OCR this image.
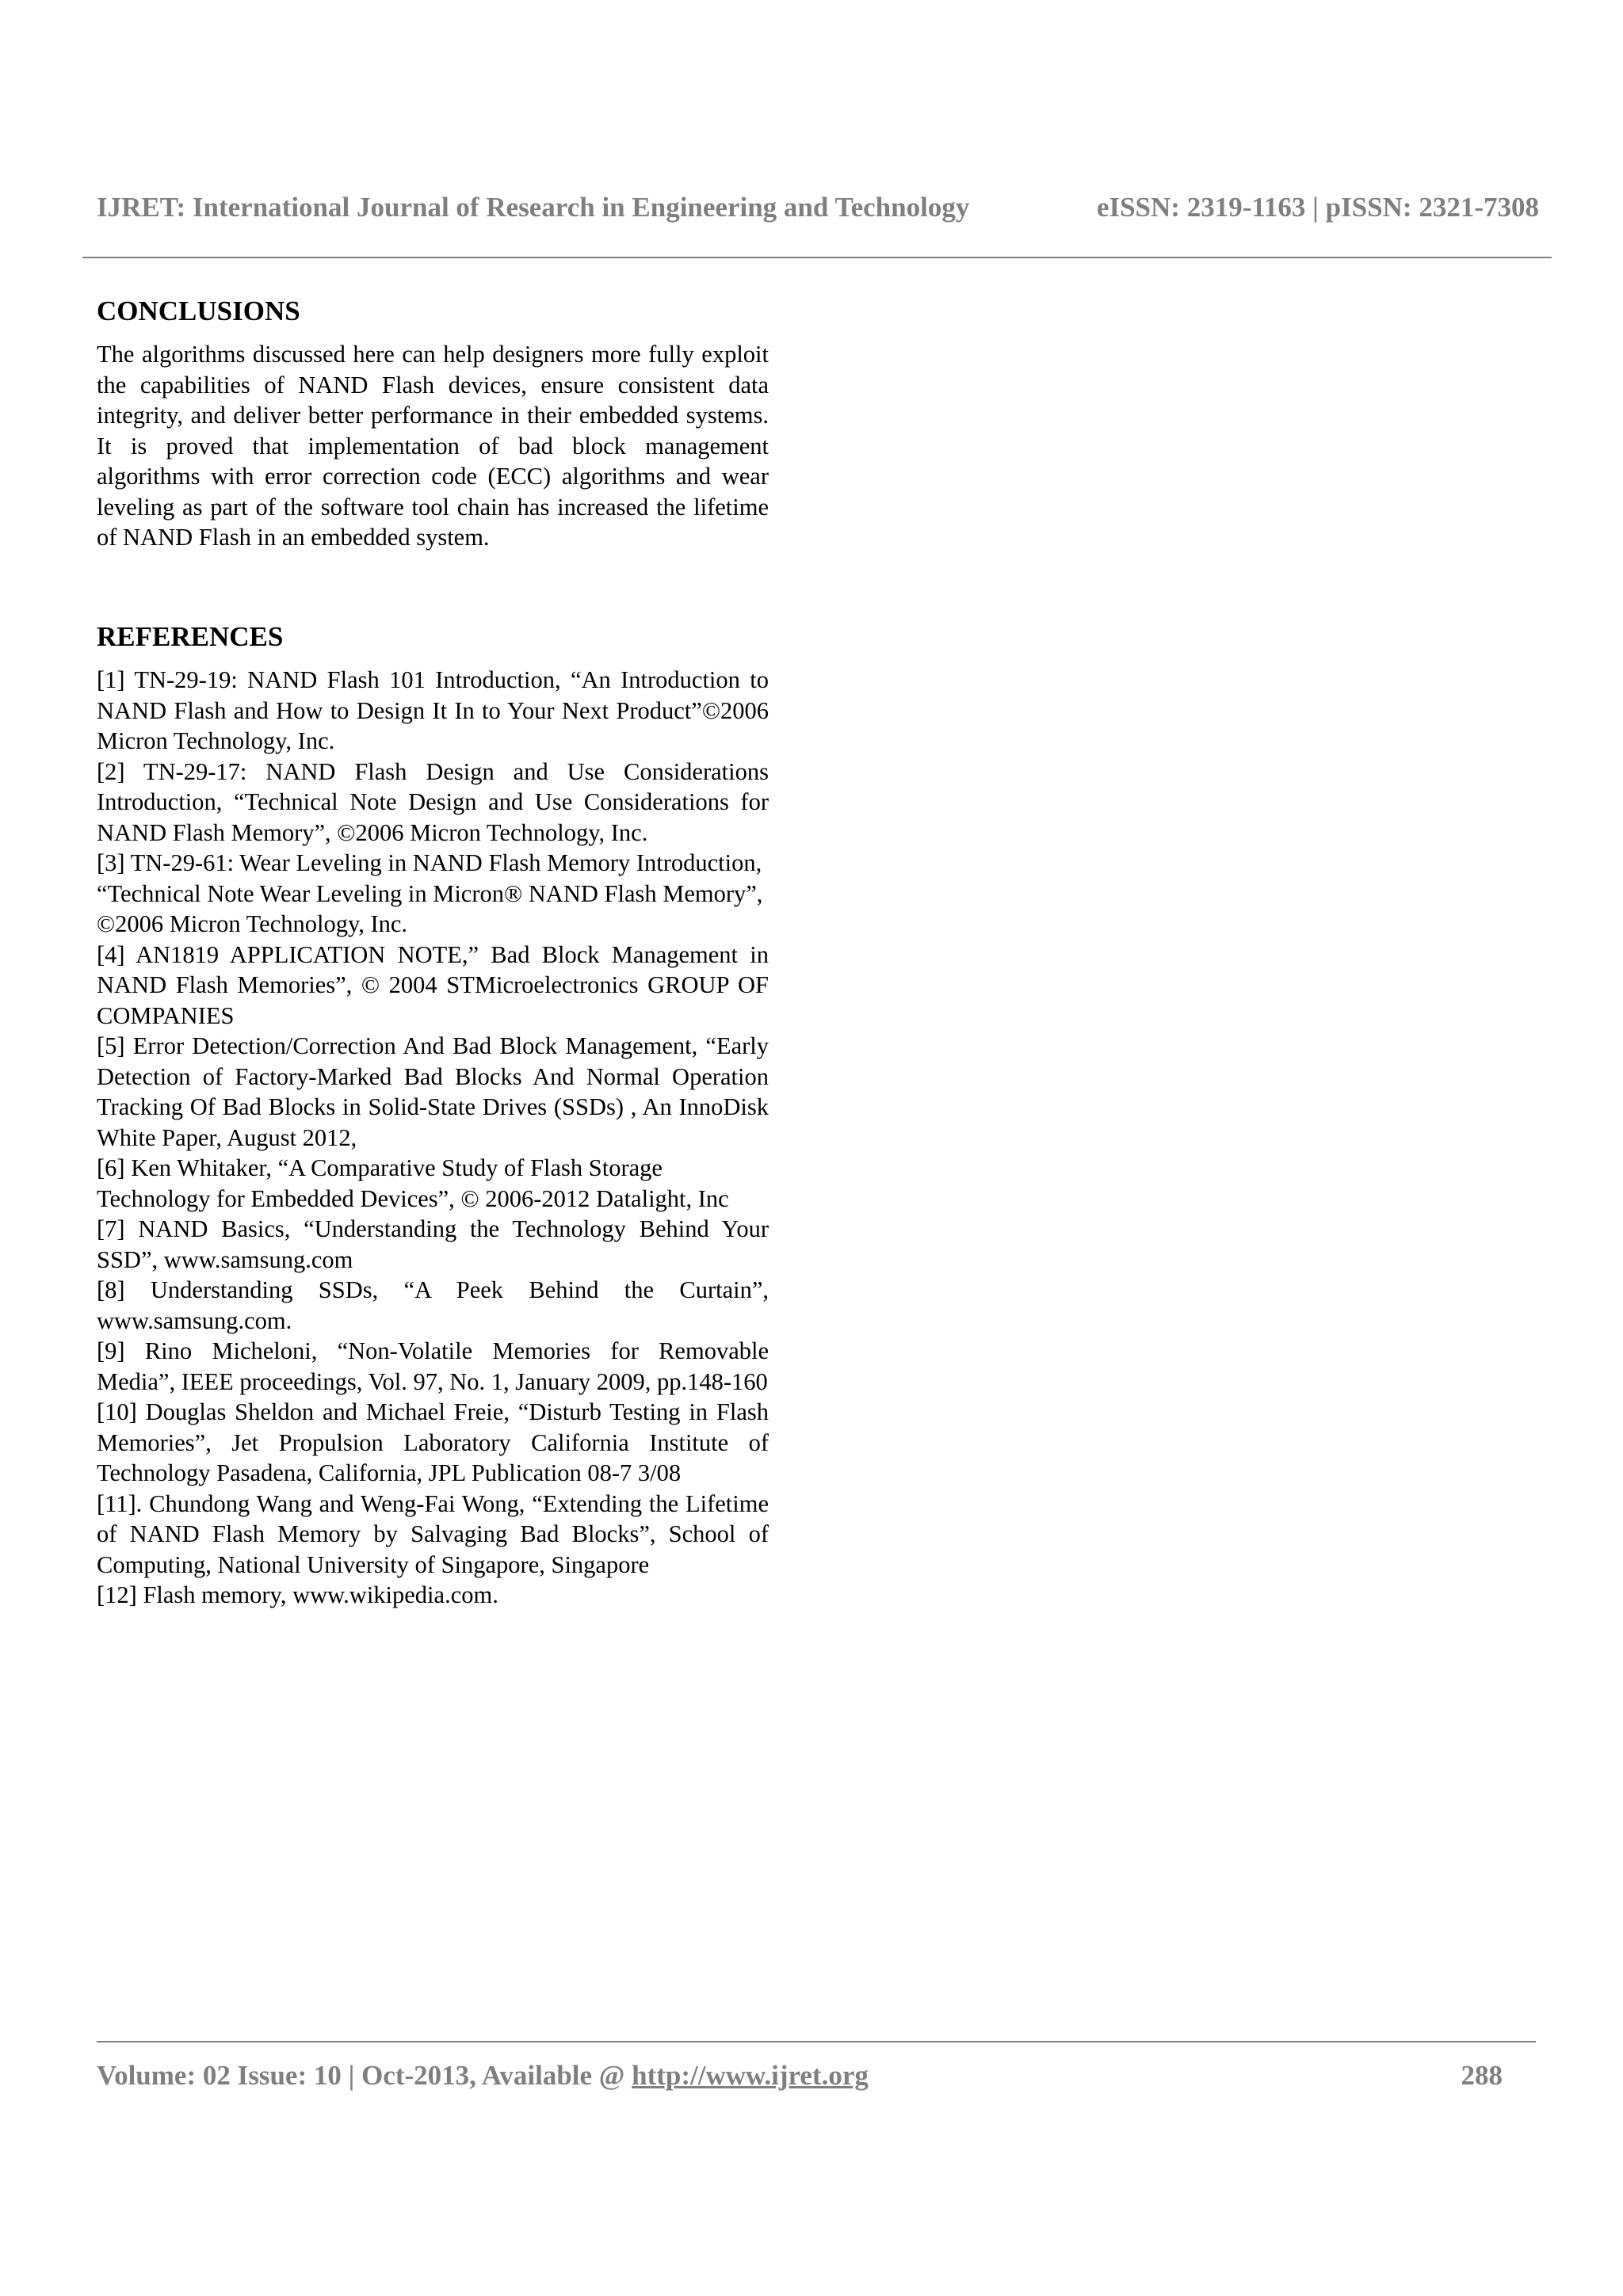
IJRET: International Journal of Research in Engineering and Technology	eISSN: 2319-1163 | pISSN: 2321-7308
CONCLUSIONS

The algorithms discussed here can help designers more fully exploit the capabilities of NAND Flash devices, ensure consistent data integrity, and deliver better performance in their embedded systems. It is proved that implementation of bad block management algorithms with error correction code (ECC) algorithms and wear leveling as part of the software tool chain has increased the lifetime of NAND Flash in an embedded system.

REFERENCES

[1] TN-29-19: NAND Flash 101 Introduction, “An Introduction to NAND Flash and How to Design It In to Your Next Product”©2006 Micron Technology, Inc.

[2] TN-29-17: NAND Flash Design and Use Considerations Introduction, “Technical Note Design and Use Considerations for NAND Flash Memory”, ©2006 Micron Technology, Inc.

[3] TN-29-61: Wear Leveling in NAND Flash Memory Introduction, “Technical Note Wear Leveling in Micron® NAND Flash Memory”, ©2006 Micron Technology, Inc.

[4] AN1819 APPLICATION NOTE,” Bad Block Management in NAND Flash Memories”, © 2004 STMicroelectronics GROUP OF COMPANIES

[5] Error Detection/Correction And Bad Block Management, “Early Detection of Factory-Marked Bad Blocks And Normal Operation Tracking Of Bad Blocks in Solid-State Drives (SSDs) , An InnoDisk White Paper, August 2012,

[6] Ken Whitaker, “A Comparative Study of Flash Storage Technology for Embedded Devices”, © 2006-2012 Datalight, Inc

[7] NAND Basics, “Understanding the Technology Behind Your SSD”, www.samsung.com

[8] Understanding SSDs, “A Peek Behind the Curtain”, www.samsung.com.

[9] Rino Micheloni, “Non-Volatile Memories for Removable Media”, IEEE proceedings, Vol. 97, No. 1, January 2009, pp.148-160

[10] Douglas Sheldon and Michael Freie, “Disturb Testing in Flash Memories”, Jet Propulsion Laboratory California Institute of Technology Pasadena, California, JPL Publication 08-7 3/08

[11]. Chundong Wang and Weng-Fai Wong, “Extending the Lifetime of NAND Flash Memory by Salvaging Bad Blocks”, School of Computing, National University of Singapore, Singapore

[12] Flash memory, www.wikipedia.com.

Volume: 02 Issue: 10 | Oct-2013, Available @ http://www.ijret.org	288
